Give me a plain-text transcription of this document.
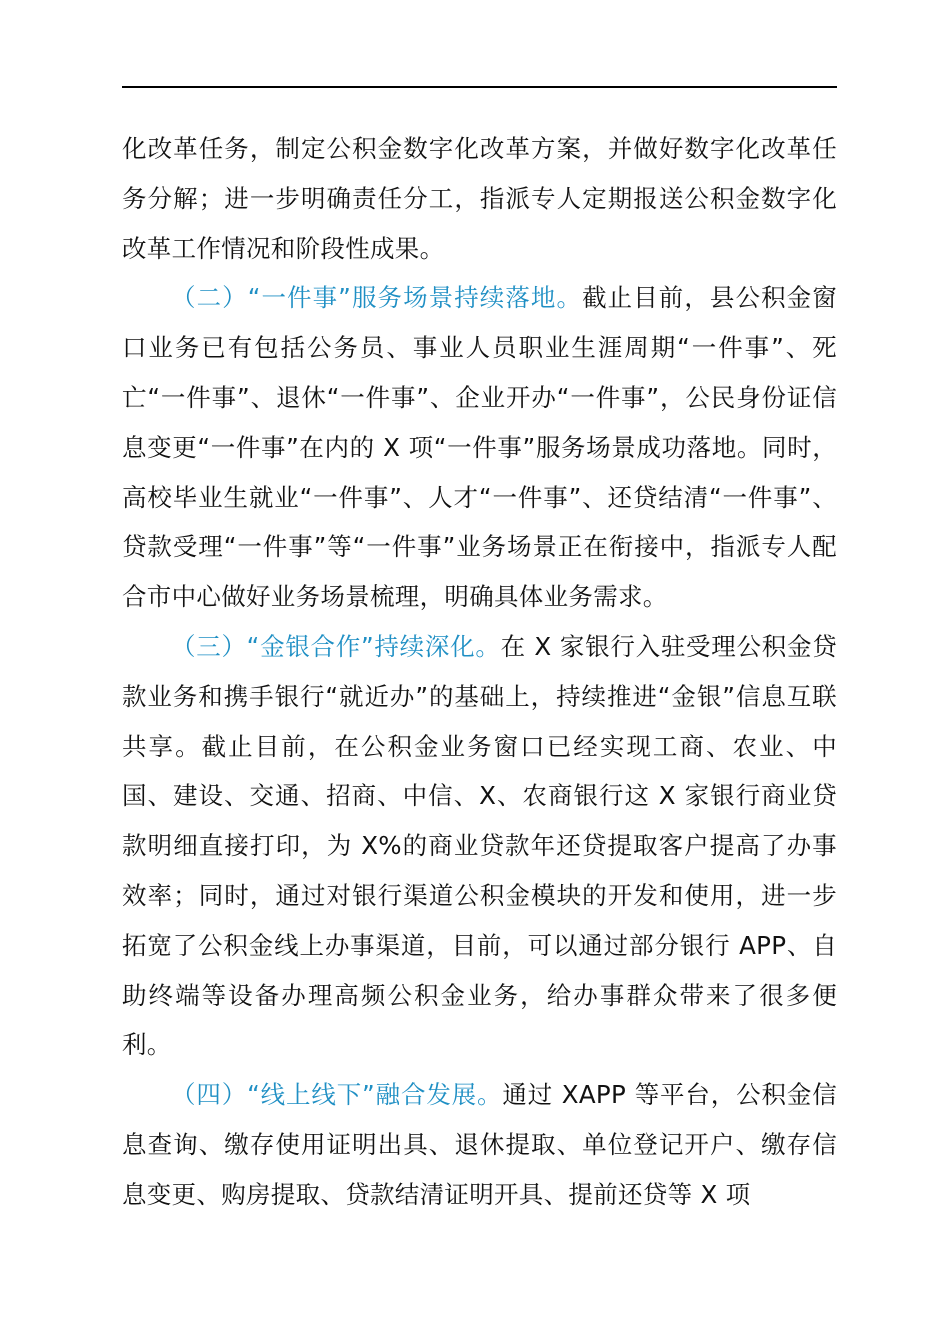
化改革任务，制定公积金数字化改革方案，并做好数字化改革任务分解；进一步明确责任分工，指派专人定期报送公积金数字化改革工作情况和阶段性成果。

（二）“一件事”服务场景持续落地。截止目前，县公积金窗口业务已有包括公务员、事业人员职业生涯周期“一件事”、死亡“一件事”、退休“一件事”、企业开办“一件事”，公民身份证信息变更“一件事”在内的 X 项“一件事”服务场景成功落地。同时，高校毕业生就业“一件事”、人才“一件事”、还贷结清“一件事”、贷款受理“一件事”等“一件事”业务场景正在衔接中，指派专人配合市中心做好业务场景梳理，明确具体业务需求。

（三）“金银合作”持续深化。在 X 家银行入驻受理公积金贷款业务和携手银行“就近办”的基础上，持续推进“金银”信息互联共享。截止目前，在公积金业务窗口已经实现工商、农业、中国、建设、交通、招商、中信、X、农商银行这 X 家银行商业贷款明细直接打印，为 X%的商业贷款年还贷提取客户提高了办事效率；同时，通过对银行渠道公积金模块的开发和使用，进一步拓宽了公积金线上办事渠道，目前，可以通过部分银行 APP、自助终端等设备办理高频公积金业务，给办事群众带来了很多便利。

（四）“线上线下”融合发展。通过 XAPP 等平台，公积金信息查询、缴存使用证明出具、退休提取、单位登记开户、缴存信息变更、购房提取、贷款结清证明开具、提前还贷等 X 项
